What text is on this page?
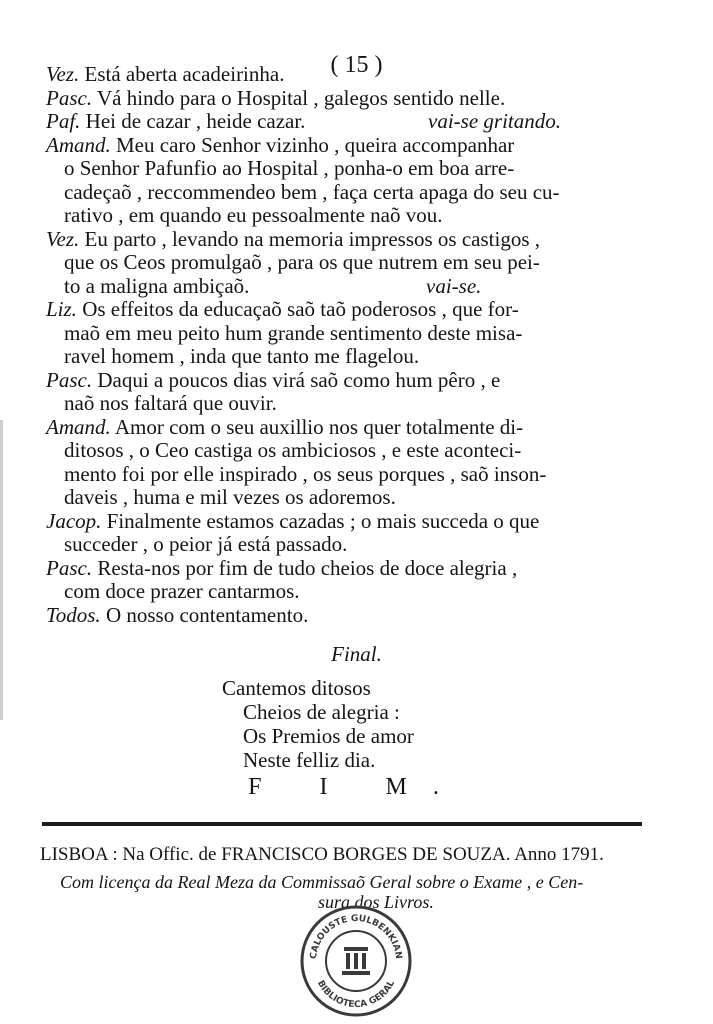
( 15 )
Vez. Está aberta acadeirinha.
Pasc. Vá hindo para o Hospital , galegos sentido nelle.
Paf. Hei de cazar , heide cazar.	vai-se gritando.
Amand. Meu caro Senhor vizinho , queira accompanhar
o Senhor Pafunfio ao Hospital , ponha-o em boa arre-
cadeçaõ , reccommendeo bem , faça certa apaga do seu cu-
rativo , em quando eu pessoalmente naõ vou.
Vez. Eu parto , levando na memoria impressos os castigos ,
que os Ceos promulgaõ , para os que nutrem em seu pei-
to a maligna ambiçaõ.	vai-se.
Liz. Os effeitos da educaçaõ saõ taõ poderosos , que for-
maõ em meu peito hum grande sentimento deste misa-
ravel homem , inda que tanto me flagelou.
Pasc. Daqui a poucos dias virá saõ como hum pêro , e
naõ nos faltará que ouvir.
Amand. Amor com o seu auxillio nos quer totalmente di-
ditosos , o Ceo castiga os ambiciosos , e este aconteci-
mento foi por elle inspirado , os seus porques , saõ inson-
daveis , huma e mil vezes os adoremos.
Jacop. Finalmente estamos cazadas ; o mais succeda o que
succeder , o peior já está passado.
Pasc. Resta-nos por fim de tudo cheios de doce alegria ,
com doce prazer cantarmos.
Todos. O nosso contentamento.
Final.
Cantemos ditosos
Cheios de alegria :
Os Premios de amor
Neste felliz dia.
F I M.
LISBOA : Na Offic. de FRANCISCO BORGES DE SOUZA. Anno 1791.
Com licença da Real Meza da Commissaõ Geral sobre o Exame , e Cen-
sura dos Livros.
CALOUSTE GULBENKIAN
BIBLIOTECA GERAL
